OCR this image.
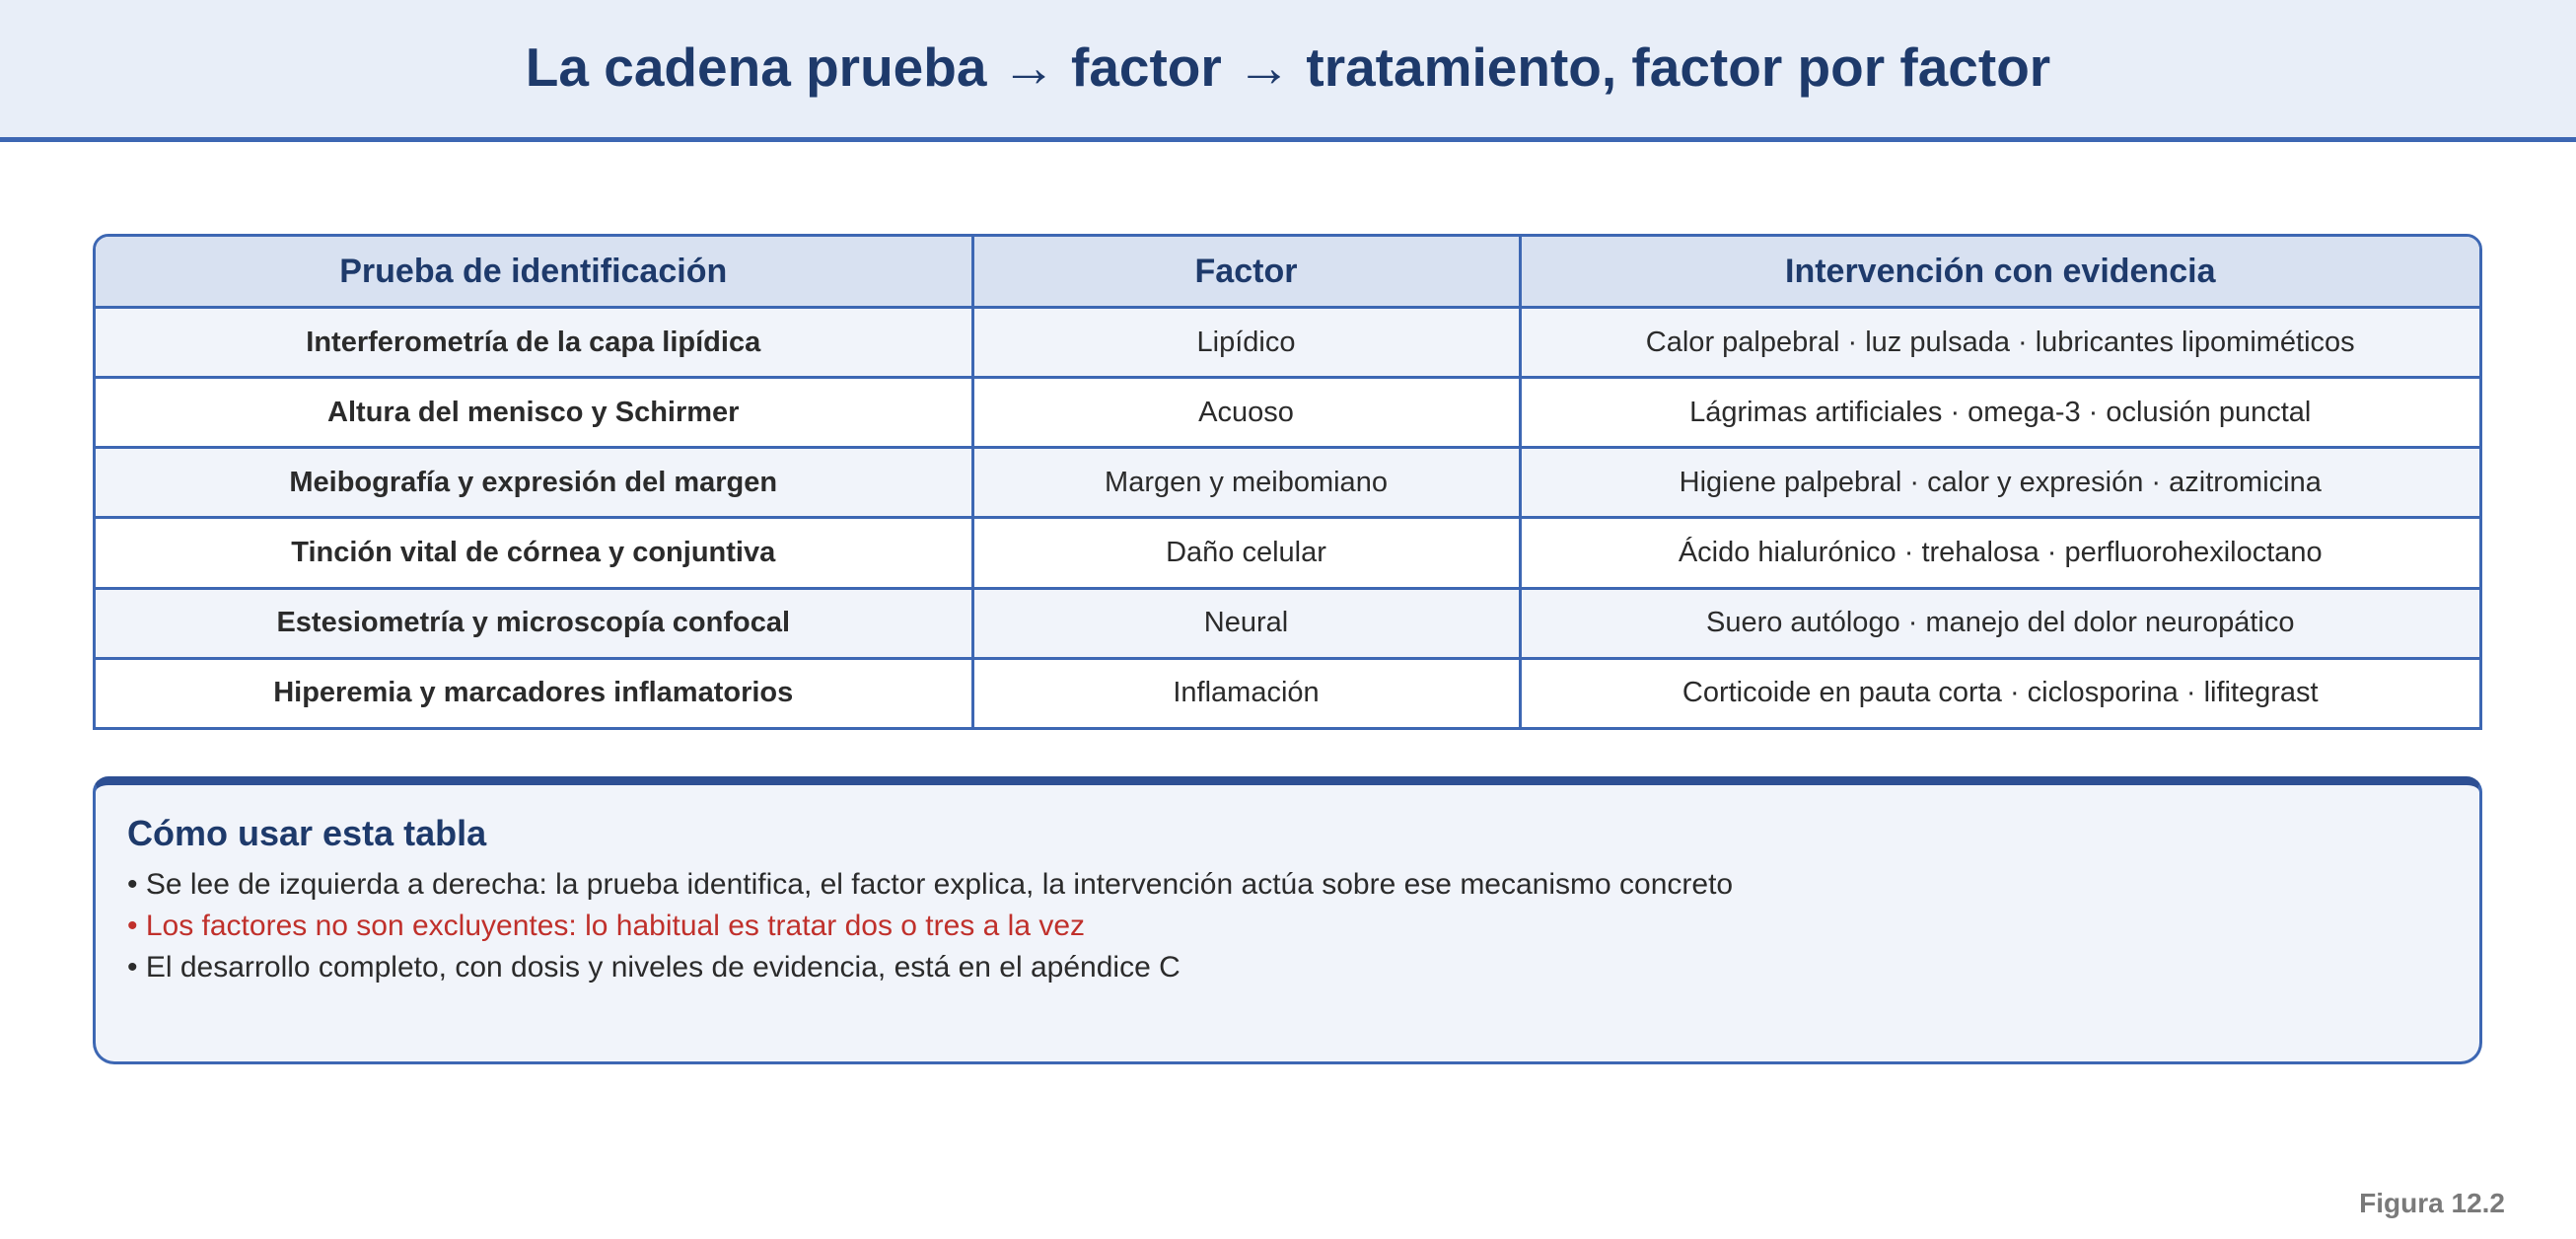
La cadena prueba → factor → tratamiento, factor por factor
Prueba de identificación	Factor	Intervención con evidencia
Interferometría de la capa lipídica	Lipídico	Calor palpebral · luz pulsada · lubricantes lipomiméticos
Altura del menisco y Schirmer	Acuoso	Lágrimas artificiales · omega-3 · oclusión punctal
Meibografía y expresión del margen	Margen y meibomiano	Higiene palpebral · calor y expresión · azitromicina
Tinción vital de córnea y conjuntiva	Daño celular	Ácido hialurónico · trehalosa · perfluorohexiloctano
Estesiometría y microscopía confocal	Neural	Suero autólogo · manejo del dolor neuropático
Hiperemia y marcadores inflamatorios	Inflamación	Corticoide en pauta corta · ciclosporina · lifitegrast
Cómo usar esta tabla
• Se lee de izquierda a derecha: la prueba identifica, el factor explica, la intervención actúa sobre ese mecanismo concreto
• Los factores no son excluyentes: lo habitual es tratar dos o tres a la vez
• El desarrollo completo, con dosis y niveles de evidencia, está en el apéndice C
Figura 12.2
